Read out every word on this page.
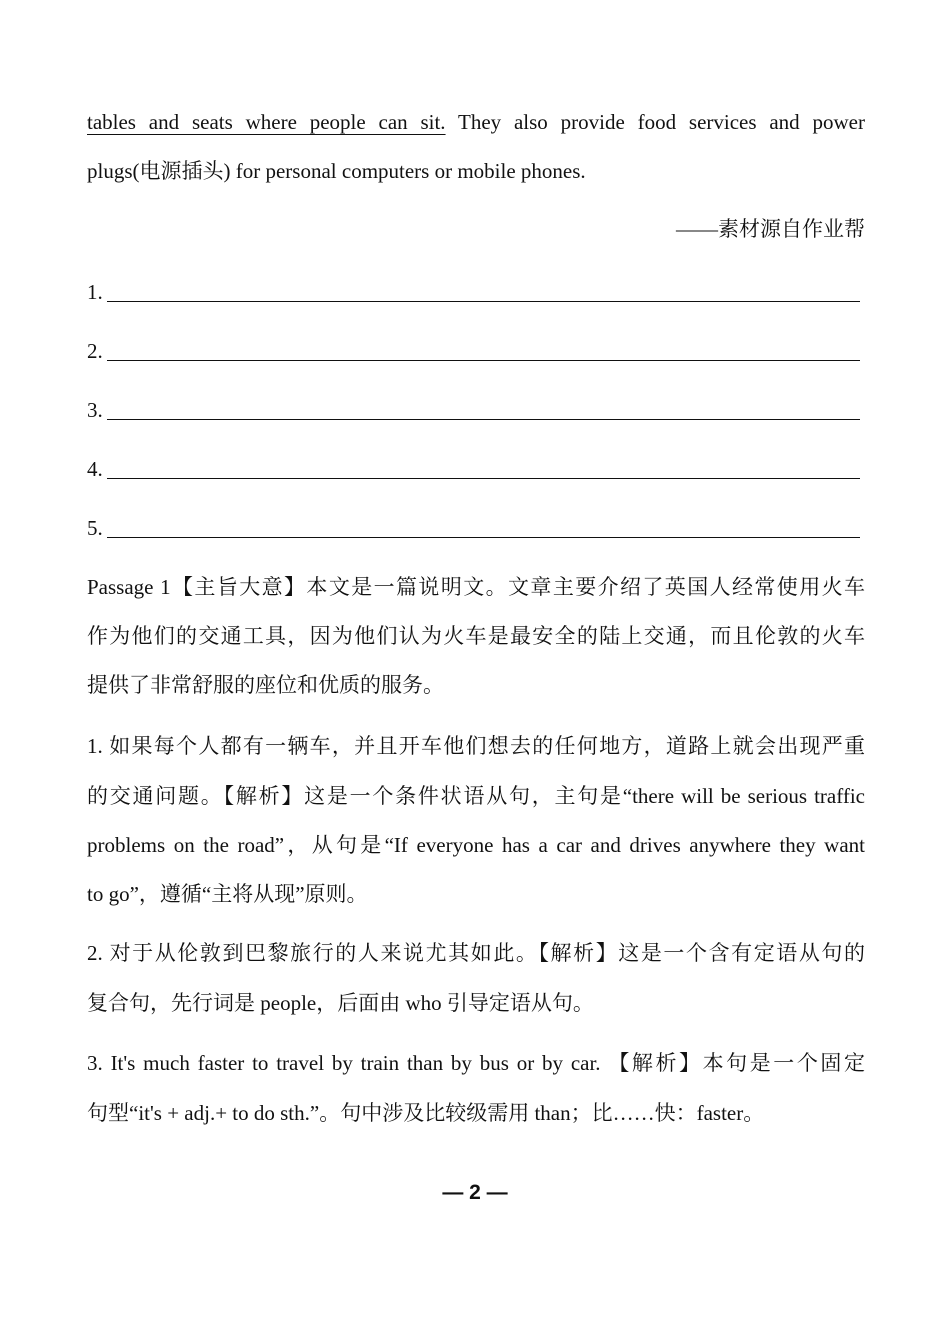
tables and seats where people can sit. They also provide food services and power
plugs(电源插头) for personal computers or mobile phones.
——素材源自作业帮
1.
2.
3.
4.
5.
Passage 1【主旨大意】本文是一篇说明文。文章主要介绍了英国人经常使用火车
作为他们的交通工具，因为他们认为火车是最安全的陆上交通，而且伦敦的火车
提供了非常舒服的座位和优质的服务。
1. 如果每个人都有一辆车，并且开车他们想去的任何地方，道路上就会出现严重
的交通问题。【解析】这是一个条件状语从句，主句是“there will be serious traffic
problems on the road”，从句是“If everyone has a car and drives anywhere they want
to go”，遵循“主将从现”原则。
2. 对于从伦敦到巴黎旅行的人来说尤其如此。【解析】这是一个含有定语从句的
复合句，先行词是 people，后面由 who 引导定语从句。
3. It's much faster to travel by train than by bus or by car. 【解析】本句是一个固定
句型“it's + adj.+ to do sth.”。句中涉及比较级需用 than；比……快：faster。
— 2 —
